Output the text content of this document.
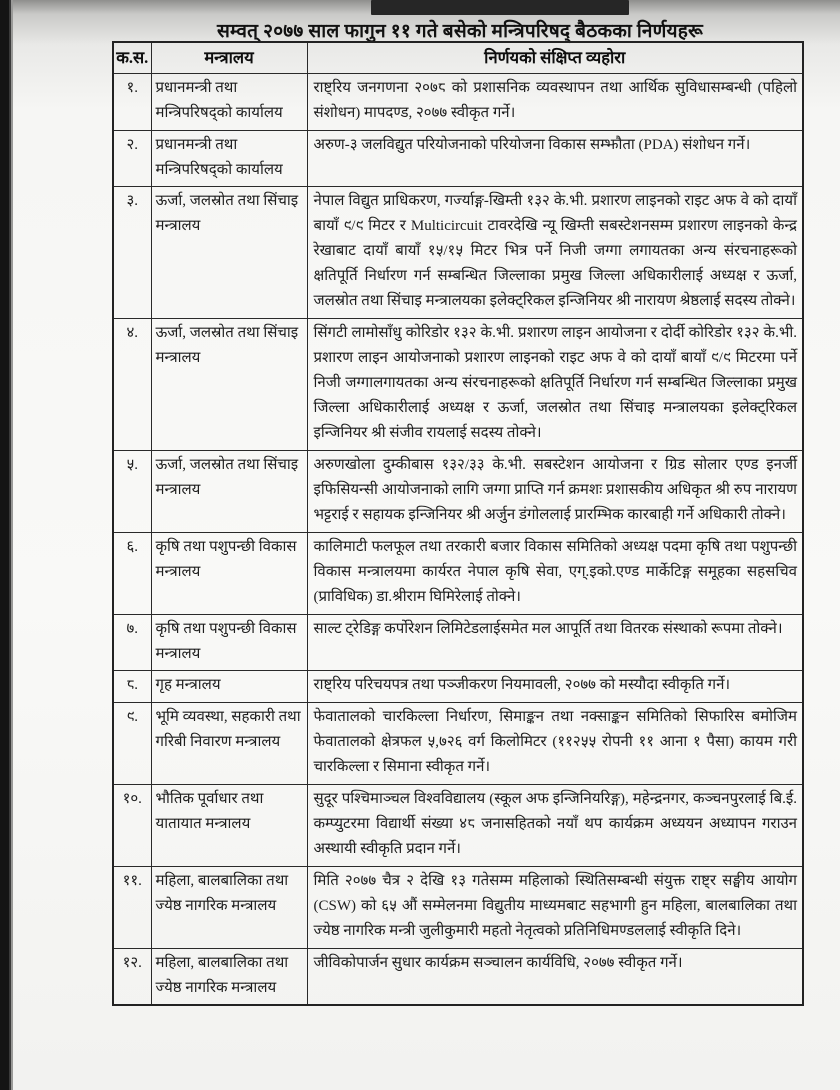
सम्वत् २०७७ साल फागुन ११ गते बसेको मन्त्रिपरिषद् बैठकका निर्णयहरू
क.स.	मन्त्रालय	निर्णयको संक्षिप्त व्यहोरा
१.	प्रधानमन्त्री तथा मन्त्रिपरिषद्को कार्यालय	राष्ट्रिय जनगणना २०७८ को प्रशासनिक व्यवस्थापन तथा आर्थिक सुविधासम्बन्धी (पहिलो संशोधन) मापदण्ड, २०७७ स्वीकृत गर्ने।
२.	प्रधानमन्त्री तथा मन्त्रिपरिषद्को कार्यालय	अरुण-३ जलविद्युत परियोजनाको परियोजना विकास सम्झौता (PDA) संशोधन गर्ने।
३.	ऊर्जा, जलस्रोत तथा सिंचाइ मन्त्रालय	नेपाल विद्युत प्राधिकरण, गर्ज्याङ्ग-खिम्ती १३२ के.भी. प्रशारण लाइनको राइट अफ वे को दायाँ बायाँ ९/९ मिटर र Multicircuit टावरदेखि न्यू खिम्ती सबस्टेशनसम्म प्रशारण लाइनको केन्द्र रेखाबाट दायाँ बायाँ १५/१५ मिटर भित्र पर्ने निजी जग्गा लगायतका अन्य संरचनाहरूको क्षतिपूर्ति निर्धारण गर्न सम्बन्धित जिल्लाका प्रमुख जिल्ला अधिकारीलाई अध्यक्ष र ऊर्जा, जलस्रोत तथा सिंचाइ मन्त्रालयका इलेक्ट्रिकल इन्जिनियर श्री नारायण श्रेष्ठलाई सदस्य तोक्ने।
४.	ऊर्जा, जलस्रोत तथा सिंचाइ मन्त्रालय	सिंगटी लामोसाँधु कोरिडोर १३२ के.भी. प्रशारण लाइन आयोजना र दोर्दी कोरिडोर १३२ के.भी. प्रशारण लाइन आयोजनाको प्रशारण लाइनको राइट अफ वे को दायाँ बायाँ ९/९ मिटरमा पर्ने निजी जग्गालगायतका अन्य संरचनाहरूको क्षतिपूर्ति निर्धारण गर्न सम्बन्धित जिल्लाका प्रमुख जिल्ला अधिकारीलाई अध्यक्ष र ऊर्जा, जलस्रोत तथा सिंचाइ मन्त्रालयका इलेक्ट्रिकल इन्जिनियर श्री संजीव रायलाई सदस्य तोक्ने।
५.	ऊर्जा, जलस्रोत तथा सिंचाइ मन्त्रालय	अरुणखोला दुम्कीबास १३२/३३ के.भी. सबस्टेशन आयोजना र ग्रिड सोलार एण्ड इनर्जी इफिसियन्सी आयोजनाको लागि जग्गा प्राप्ति गर्न क्रमशः प्रशासकीय अधिकृत श्री रुप नारायण भट्टराई र सहायक इन्जिनियर श्री अर्जुन डंगोललाई प्रारम्भिक कारबाही गर्ने अधिकारी तोक्ने।
६.	कृषि तथा पशुपन्छी विकास मन्त्रालय	कालिमाटी फलफूल तथा तरकारी बजार विकास समितिको अध्यक्ष पदमा कृषि तथा पशुपन्छी विकास मन्त्रालयमा कार्यरत नेपाल कृषि सेवा, एग्.इको.एण्ड मार्केटिङ्ग समूहका सहसचिव (प्राविधिक) डा.श्रीराम घिमिरेलाई तोक्ने।
७.	कृषि तथा पशुपन्छी विकास मन्त्रालय	साल्ट ट्रेडिङ्ग कर्पोरेशन लिमिटेडलाईसमेत मल आपूर्ति तथा वितरक संस्थाको रूपमा तोक्ने।
८.	गृह मन्त्रालय	राष्ट्रिय परिचयपत्र तथा पञ्जीकरण नियमावली, २०७७ को मस्यौदा स्वीकृति गर्ने।
९.	भूमि व्यवस्था, सहकारी तथा गरिबी निवारण मन्त्रालय	फेवातालको चारकिल्ला निर्धारण, सिमाङ्कन तथा नक्साङ्कन समितिको सिफारिस बमोजिम फेवातालको क्षेत्रफल ५,७२६ वर्ग किलोमिटर (११२५५ रोपनी ११ आना १ पैसा) कायम गरी चारकिल्ला र सिमाना स्वीकृत गर्ने।
१०.	भौतिक पूर्वाधार तथा यातायात मन्त्रालय	सुदूर पश्चिमाञ्चल विश्वविद्यालय (स्कूल अफ इन्जिनियरिङ्ग), महेन्द्रनगर, कञ्चनपुरलाई बि.ई. कम्प्युटरमा विद्यार्थी संख्या ४८ जनासहितको नयाँ थप कार्यक्रम अध्ययन अध्यापन गराउन अस्थायी स्वीकृति प्रदान गर्ने।
११.	महिला, बालबालिका तथा ज्येष्ठ नागरिक मन्त्रालय	मिति २०७७ चैत्र २ देखि १३ गतेसम्म महिलाको स्थितिसम्बन्धी संयुक्त राष्ट्र सङ्घीय आयोग (CSW) को ६५ औं सम्मेलनमा विद्युतीय माध्यमबाट सहभागी हुन महिला, बालबालिका तथा ज्येष्ठ नागरिक मन्त्री जुलीकुमारी महतो नेतृत्वको प्रतिनिधिमण्डललाई स्वीकृति दिने।
१२.	महिला, बालबालिका तथा ज्येष्ठ नागरिक मन्त्रालय	जीविकोपार्जन सुधार कार्यक्रम सञ्चालन कार्यविधि, २०७७ स्वीकृत गर्ने।
